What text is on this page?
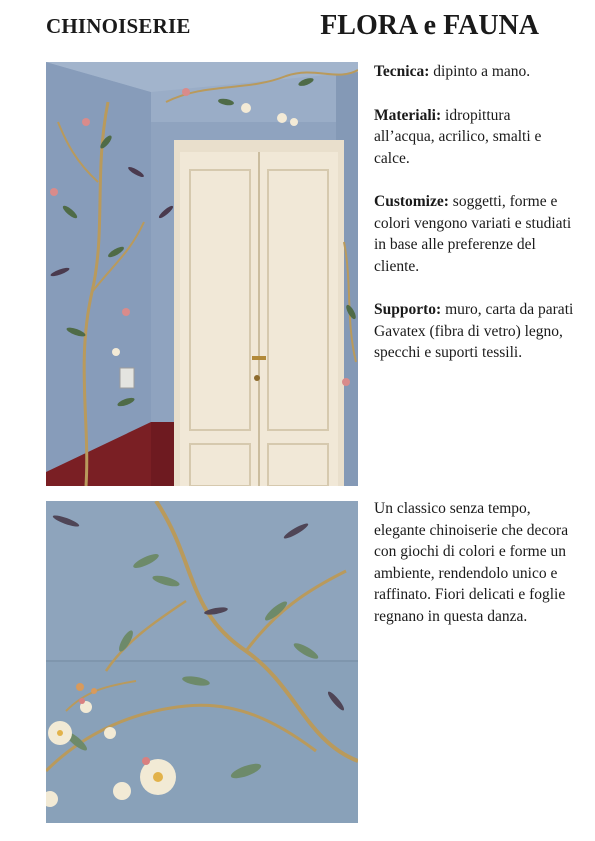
CHINOISERIE	FLORA e FAUNA

Tecnica: dipinto a mano.

Materiali: idropittura all’acqua, acrilico, smalti e calce.

Customize: soggetti, forme e colori vengono variati e studiati in base alle preferenze del cliente.

Supporto: muro, carta da parati Gavatex (fibra di vetro) legno, specchi e suporti tessili.

Un classico senza tempo, elegante chinoiserie che decora con giochi di colori e forme un ambiente, rendendolo unico e raffinato. Fiori delicati e foglie regnano in questa danza.
